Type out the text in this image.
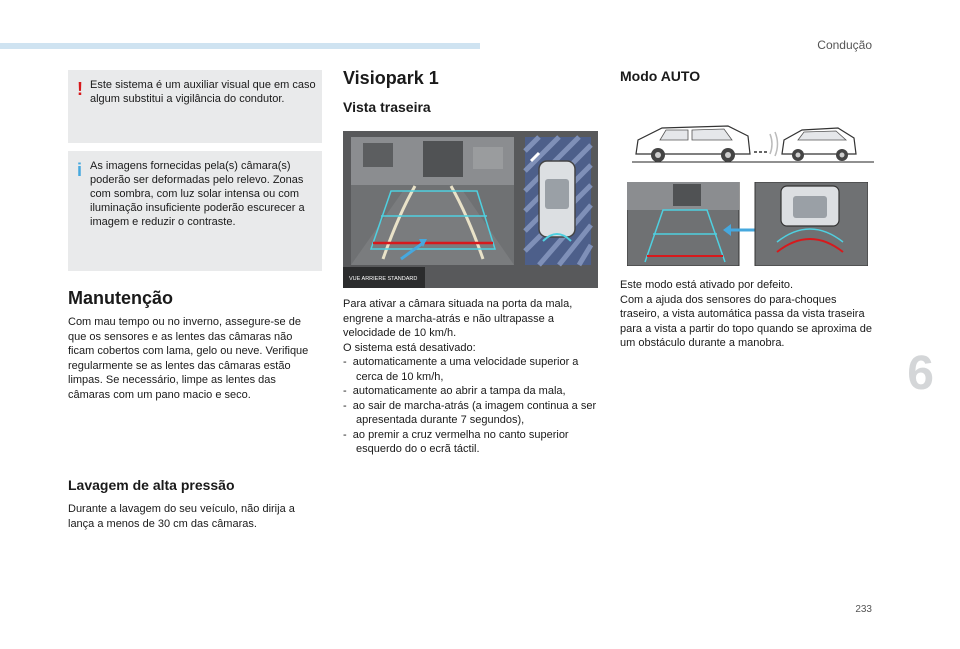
Condução
! Este sistema é um auxiliar visual que em caso algum substitui a vigilância do condutor.
i As imagens fornecidas pela(s) câmara(s) poderão ser deformadas pelo relevo. Zonas com sombra, com luz solar intensa ou com iluminação insuficiente poderão escurecer a imagem e reduzir o contraste.
Manutenção
Com mau tempo ou no inverno, assegure-se de que os sensores e as lentes das câmaras não ficam cobertos com lama, gelo ou neve. Verifique regularmente se as lentes das câmaras estão limpas. Se necessário, limpe as lentes das câmaras com um pano macio e seco.
Lavagem de alta pressão
Durante a lavagem do seu veículo, não dirija a lança a menos de 30 cm das câmaras.
Visiopark 1
Vista traseira
VUE ARRIERE STANDARD
Para ativar a câmara situada na porta da mala, engrene a marcha-atrás e não ultrapasse a velocidade de 10 km/h.
O sistema está desativado:
-  automaticamente a uma velocidade superior a cerca de 10 km/h,
-  automaticamente ao abrir a tampa da mala,
-  ao sair de marcha-atrás (a imagem continua a ser apresentada durante 7 segundos),
-  ao premir a cruz vermelha no canto superior esquerdo do o ecrã táctil.
Modo AUTO
Este modo está ativado por defeito.
Com a ajuda dos sensores do para-choques traseiro, a vista automática passa da vista traseira para a vista a partir do topo quando se aproxima de um obstáculo durante a manobra.
6
233
